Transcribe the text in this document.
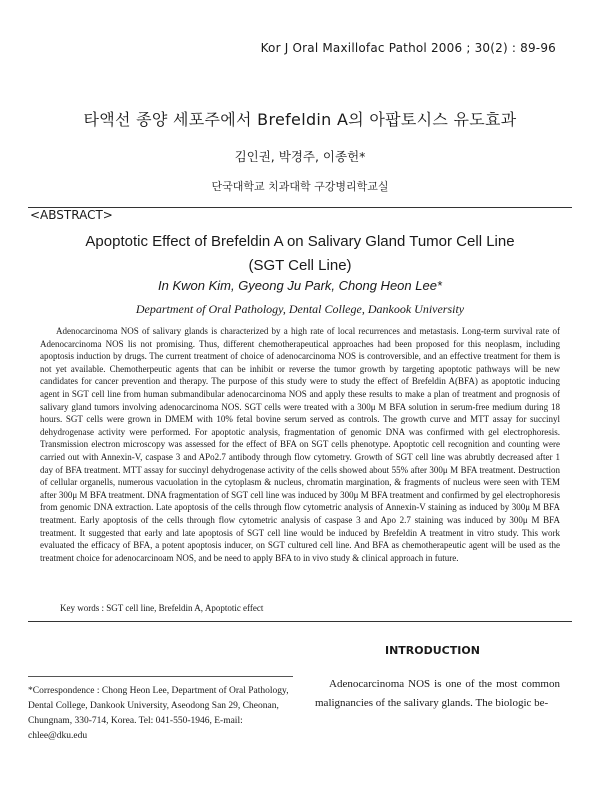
Kor J Oral Maxillofac Pathol 2006 ; 30(2) : 89-96
타액선 종양 세포주에서 Brefeldin A의 아팝토시스 유도효과
김인권, 박경주, 이종헌*
단국대학교 치과대학 구강병리학교실
<ABSTRACT>
Apoptotic Effect of Brefeldin A on Salivary Gland Tumor Cell Line
(SGT Cell Line)
In Kwon Kim, Gyeong Ju Park, Chong Heon Lee*
Department of Oral Pathology, Dental College, Dankook University

Adenocarcinoma NOS of salivary glands is characterized by a high rate of local recurrences and metastasis. Long-term survival rate of Adenocarcinoma NOS lis not promising. Thus, different chemotherapeutical approaches had been proposed for this neoplasm, including apoptosis induction by drugs. The current treatment of choice of adenocarcinoma NOS is controversible, and an effective treatment for them is not yet available. Chemotherpeutic agents that can be inhibit or reverse the tumor growth by targeting apoptotic pathways will be new candidates for cancer prevention and therapy. The purpose of this study were to study the effect of Brefeldin A(BFA) as apoptotic inducing agent in SGT cell line from human submandibular adenocarcinoma NOS and apply these results to make a plan of treatment and prognosis of salivary gland tumors involving adenocarcinoma NOS. SGT cells were treated with a 300μ M BFA solution in serum-free medium during 18 hours. SGT cells were grown in DMEM with 10% fetal bovine serum served as controls. The growth curve and MTT assay for succinyl dehydrogenase activity were performed. For apoptotic analysis, fragmentation of genomic DNA was confirmed with gel electrophoresis. Transmission electron microscopy was assessed for the effect of BFA on SGT cells phenotype. Apoptotic cell recognition and counting were carried out with Annexin-V, caspase 3 and APo2.7 antibody through flow cytometry. Growth of SGT cell line was abrubtly decreased after 1 day of BFA treatment. MTT assay for succinyl dehydrogenase activity of the cells showed about 55% after 300μ M BFA treatment. Destruction of cellular organells, numerous vacuolation in the cytoplasm & nucleus, chromatin margination, & fragments of nucleus were seen with TEM after 300μ M BFA treatment. DNA fragmentation of SGT cell line was induced by 300μ M BFA treatment and confirmed by gel electrophoresis from genomic DNA extraction. Late apoptosis of the cells through flow cytometric analysis of Annexin-V staining as induced by 300μ M BFA treatment. Early apoptosis of the cells through flow cytometric analysis of caspase 3 and Apo 2.7 staining was induced by 300μ M BFA treatment. It suggested that early and late apoptosis of SGT cell line would be induced by Brefeldin A treatment in vitro study. This work evaluated the efficacy of BFA, a potent apoptosis inducer, on SGT cultured cell line. And BFA as chemotherapeutic agent will be used as the treatment choice for adenocarcinoam NOS, and be need to apply BFA to in vivo study & clinical approach in future.

Key words : SGT cell line, Brefeldin A, Apoptotic effect
INTRODUCTION

Adenocarcinoma NOS is one of the most common malignancies of the salivary glands. The biologic be-

*Correspondence : Chong Heon Lee, Department of Oral Pathology, Dental College, Dankook University, Aseodong San 29, Cheonan, Chungnam, 330-714, Korea. Tel: 041-550-1946, E-mail: chlee@dku.edu
